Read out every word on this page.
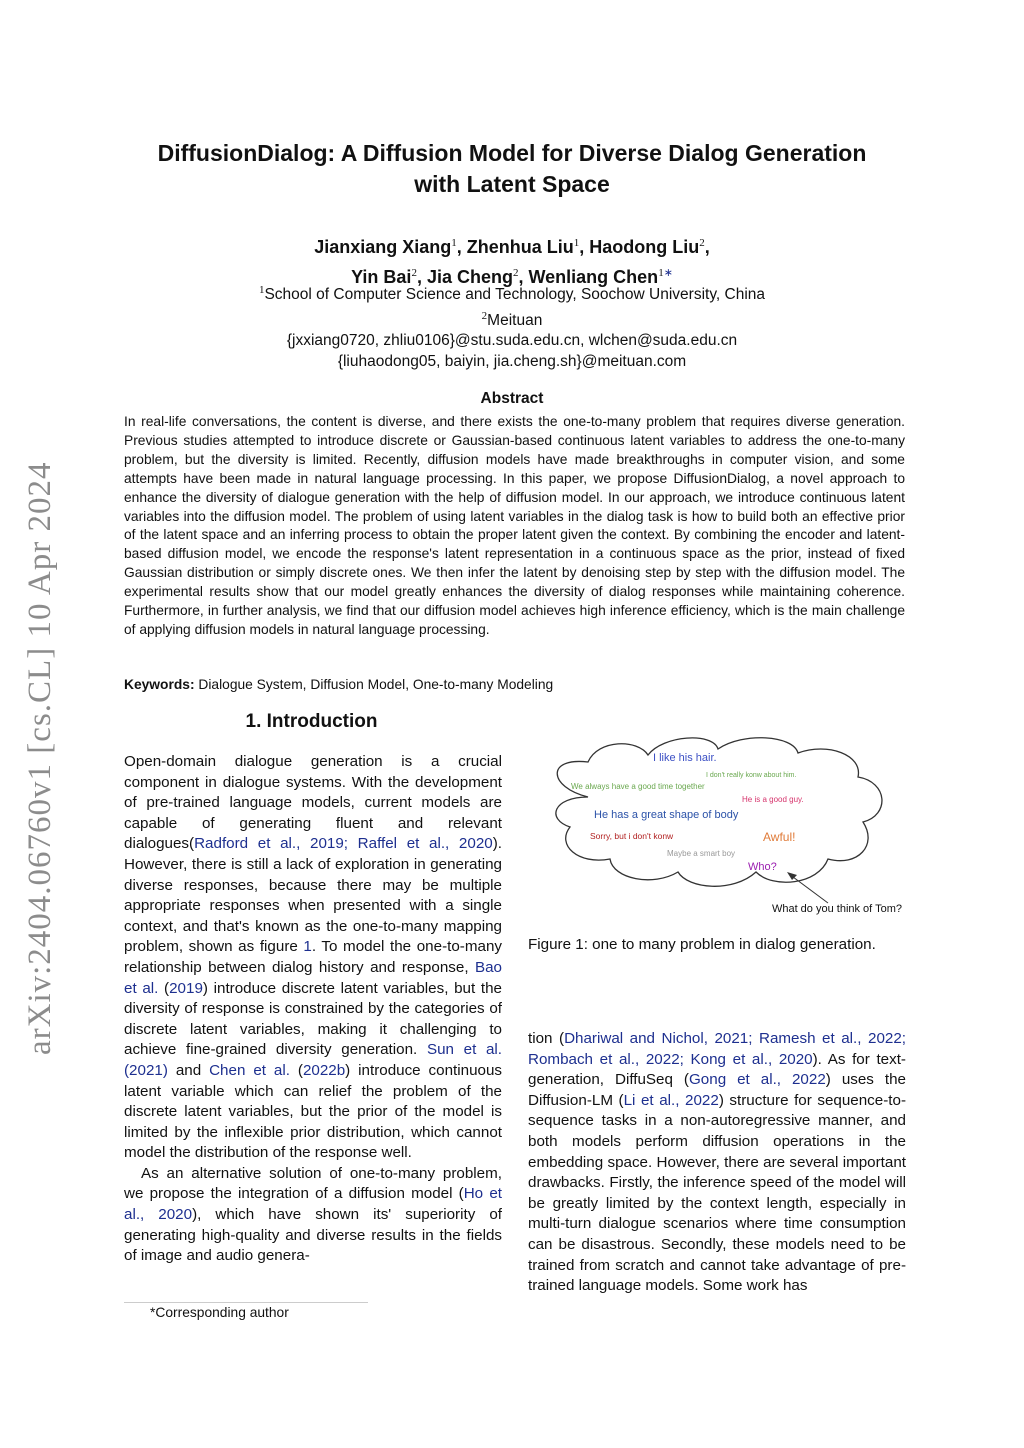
arXiv:2404.06760v1 [cs.CL] 10 Apr 2024
DiffusionDialog: A Diffusion Model for Diverse Dialog Generation
with Latent Space
Jianxiang Xiang$^1$, Zhenhua Liu$^1$, Haodong Liu$^2$,
Yin Bai$^2$, Jia Cheng$^2$, Wenliang Chen$^{1∗}$
$^1$School of Computer Science and Technology, Soochow University, China
$^2$Meituan
{jxxiang0720, zhliu0106}@stu.suda.edu.cn, wlchen@suda.edu.cn
{liuhaodong05, baiyin, jia.cheng.sh}@meituan.com
Abstract
In real-life conversations, the content is diverse, and there exists the one-to-many problem that requires diverse generation. Previous studies attempted to introduce discrete or Gaussian-based continuous latent variables to address the one-to-many problem, but the diversity is limited. Recently, diffusion models have made breakthroughs in computer vision, and some attempts have been made in natural language processing. In this paper, we propose DiffusionDialog, a novel approach to enhance the diversity of dialogue generation with the help of diffusion model. In our approach, we introduce continuous latent variables into the diffusion model. The problem of using latent variables in the dialog task is how to build both an effective prior of the latent space and an inferring process to obtain the proper latent given the context. By combining the encoder and latent-based diffusion model, we encode the response's latent representation in a continuous space as the prior, instead of fixed Gaussian distribution or simply discrete ones. We then infer the latent by denoising step by step with the diffusion model. The experimental results show that our model greatly enhances the diversity of dialog responses while maintaining coherence. Furthermore, in further analysis, we find that our diffusion model achieves high inference efficiency, which is the main challenge of applying diffusion models in natural language processing.
Keywords: Dialogue System, Diffusion Model, One-to-many Modeling
1. Introduction

Open-domain dialogue generation is a crucial component in dialogue systems. With the development of pre-trained language models, current models are capable of generating fluent and relevant dialogues(Radford et al., 2019; Raffel et al., 2020). However, there is still a lack of exploration in generating diverse responses, because there may be multiple appropriate responses when presented with a single context, and that's known as the one-to-many mapping problem, shown as figure 1. To model the one-to-many relationship between dialog history and response, Bao et al. (2019) introduce discrete latent variables, but the diversity of response is constrained by the categories of discrete latent variables, making it challenging to achieve fine-grained diversity generation. Sun et al. (2021) and Chen et al. (2022b) introduce continuous latent variable which can relief the problem of the discrete latent variables, but the prior of the model is limited by the inflexible prior distribution, which cannot model the distribution of the response well.

As an alternative solution of one-to-many problem, we propose the integration of a diffusion model (Ho et al., 2020), which have shown its' superiority of generating high-quality and diverse results in the fields of image and audio genera-

*Corresponding author
I like his hair.
I don't really konw about him.
We always have a good time together
He is a good guy.
He has a great shape of body
Sorry, but i don't konw	Awful!
Maybe a smart boy
Who?
What do you think of Tom?
Figure 1: one to many problem in dialog generation.

tion (Dhariwal and Nichol, 2021; Ramesh et al., 2022; Rombach et al., 2022; Kong et al., 2020). As for text-generation, DiffuSeq (Gong et al., 2022) uses the Diffusion-LM (Li et al., 2022) structure for sequence-to-sequence tasks in a non-autoregressive manner, and both models perform diffusion operations in the embedding space. However, there are several important drawbacks. Firstly, the inference speed of the model will be greatly limited by the context length, especially in multi-turn dialogue scenarios where time consumption can be disastrous. Secondly, these models need to be trained from scratch and cannot take advantage of pre-trained language models. Some work has
